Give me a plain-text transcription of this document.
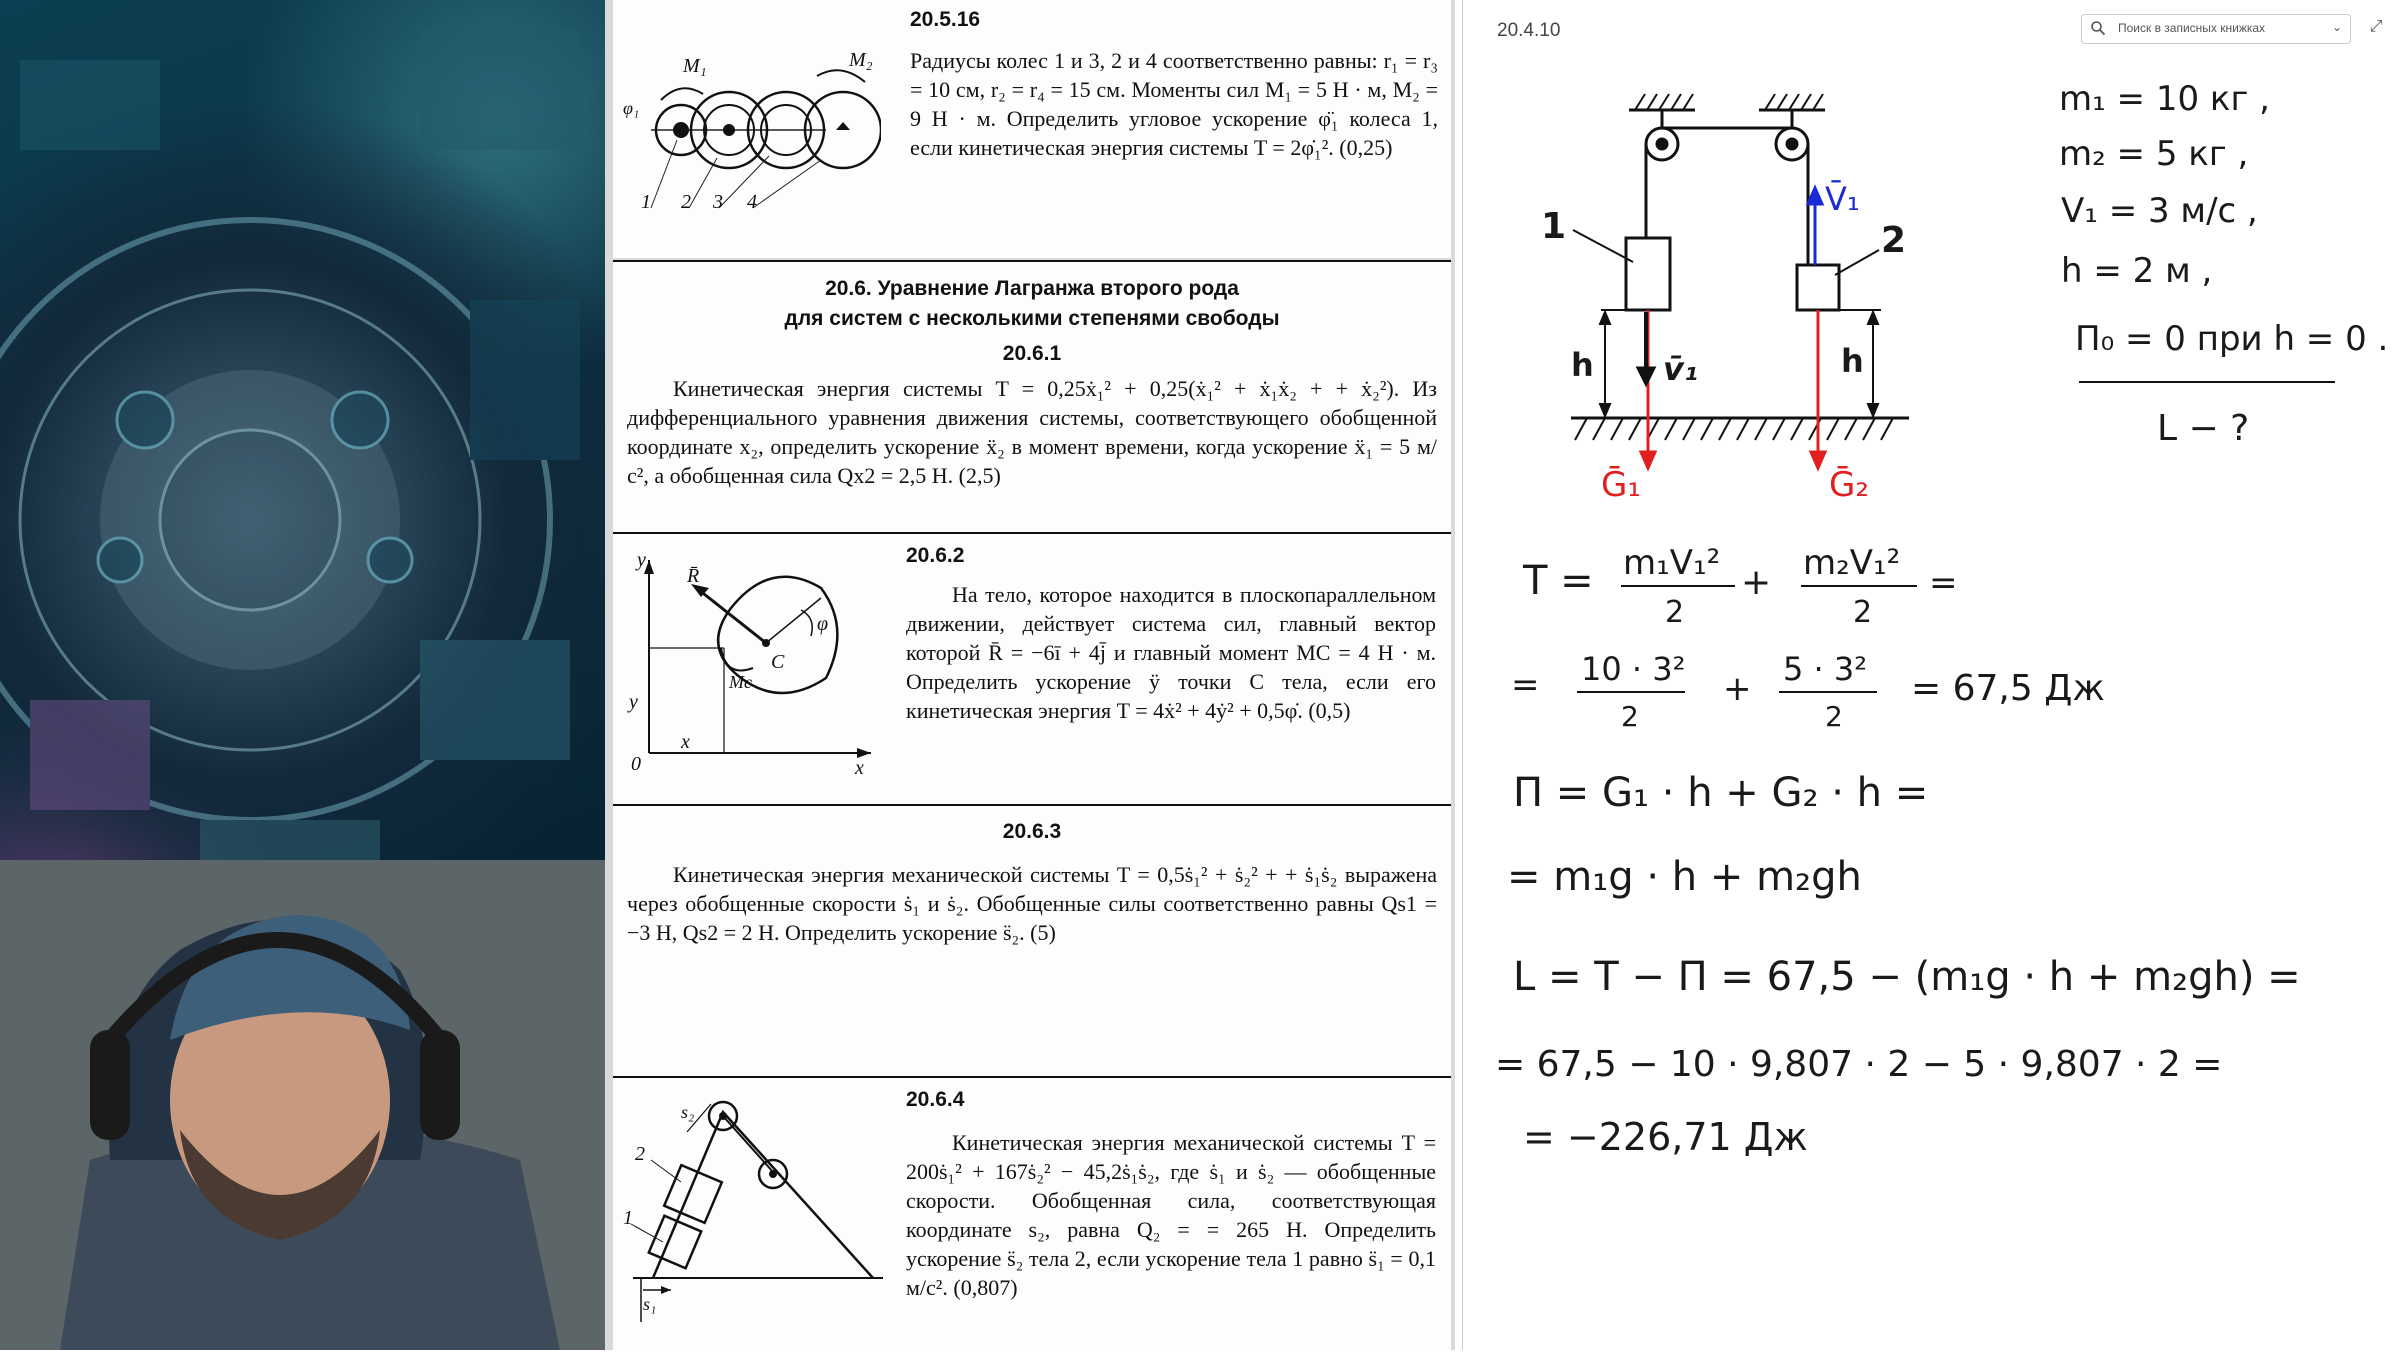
M₁	M₂
φ₁
1 2 3 4
20.5.16
Радиусы колес 1 и 3, 2 и 4 соответственно равны: r₁ = r₃ = 10 см, r₂ = r₄ = 15 см. Моменты сил M₁ = 5 Н · м, M₂ = 9 Н · м. Определить угловое ускорение φ̈₁ колеса 1, если кинетическая энергия системы T = 2φ̇₁². (0,25)
20.6. Уравнение Лагранжа второго рода
для систем с несколькими степенями свободы
20.6.1
Кинетическая энергия системы T = 0,25ẋ₁² + 0,25(ẋ₁² + ẋ₁ẋ₂ + + ẋ₂²). Из дифференциального уравнения движения системы, соответствующего обобщенной координате x₂, определить ускорение ẍ₂ в момент времени, когда ускорение ẍ₁ = 5 м/с², а обобщенная сила Qx2 = 2,5 Н. (2,5)
y
x
0
y
x
R̄
C
Mc
φ
20.6.2
На тело, которое находится в плоскопараллельном движении, действует система сил, главный вектор которой R̄ = −6ī + 4j̄ и главный момент MC = 4 Н · м. Определить ускорение ÿ точки C тела, если его кинетическая энергия T = 4ẋ² + 4ẏ² + 0,5φ̇. (0,5)
20.6.3
Кинетическая энергия механической системы T = 0,5ṡ₁² + ṡ₂² + + ṡ₁ṡ₂ выражена через обобщенные скорости ṡ₁ и ṡ₂. Обобщенные силы соответственно равны Qs1 = −3 Н, Qs2 = 2 Н. Определить ускорение s̈₂. (5)
s₂
2
1
s₁
20.6.4
Кинетическая энергия механической системы T = 200ṡ₁² + 167ṡ₂² − 45,2ṡ₁ṡ₂, где ṡ₁ и ṡ₂ — обобщенные скорости. Обобщенная сила, соответствующая координате s₂, равна Q₂ = = 265 Н. Определить ускорение s̈₂ тела 2, если ускорение тела 1 равно s̈₁ = 0,1 м/с². (0,807)
20.4.10	Поиск в записных книжках	⌄ ⤢
1	2
h	h
v̄₁
V̄₁
Ḡ₁	Ḡ₂
m₁ = 10 кг ,
m₂ = 5 кг ,
V₁ = 3 м/с ,
h = 2 м ,
П₀ = 0 при h = 0 .
L − ?
T = m₁V₁²
2
+ m₂V₁²
2
=
= 10 · 3²
2
+ 5 · 3²
2
= 67,5 Дж
П = G₁ · h + G₂ · h =
= m₁g · h + m₂gh
L = T − П = 67,5 − (m₁g · h + m₂gh) =
= 67,5 − 10 · 9,807 · 2 − 5 · 9,807 · 2 =
= −226,71 Дж
